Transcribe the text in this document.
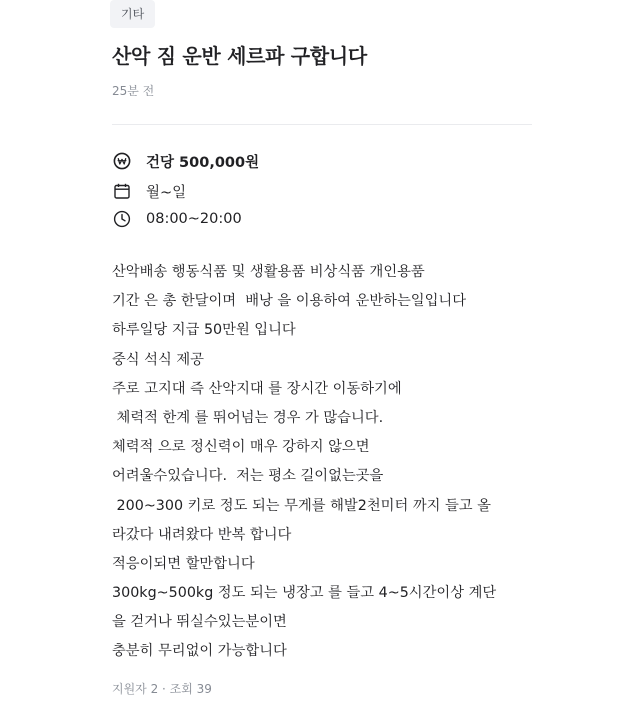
기타
산악 짐 운반 세르파 구합니다
25분 전
건당 500,000원
월~일
08:00~20:00
산악배송 행동식품 및 생활용품 비상식품 개인용품
기간 은 총 한달이며  배낭 을 이용하여 운반하는일입니다
하루일당 지급 50만원 입니다
중식 석식 제공
주로 고지대 즉 산악지대 를 장시간 이동하기에
체력적 한계 를 뛰어넘는 경우 가 많습니다.
체력적 으로 정신력이 매우 강하지 않으면
어려울수있습니다.  저는 평소 길이없는곳을
200~300 키로 정도 되는 무게를 해발2천미터 까지 들고 올
라갔다 내려왔다 반복 합니다
적응이되면 할만합니다
300kg~500kg 정도 되는 냉장고 를 들고 4~5시간이상 계단
을 걷거나 뛰실수있는분이면
충분히 무리없이 가능합니다
지원자 2 · 조회 39
